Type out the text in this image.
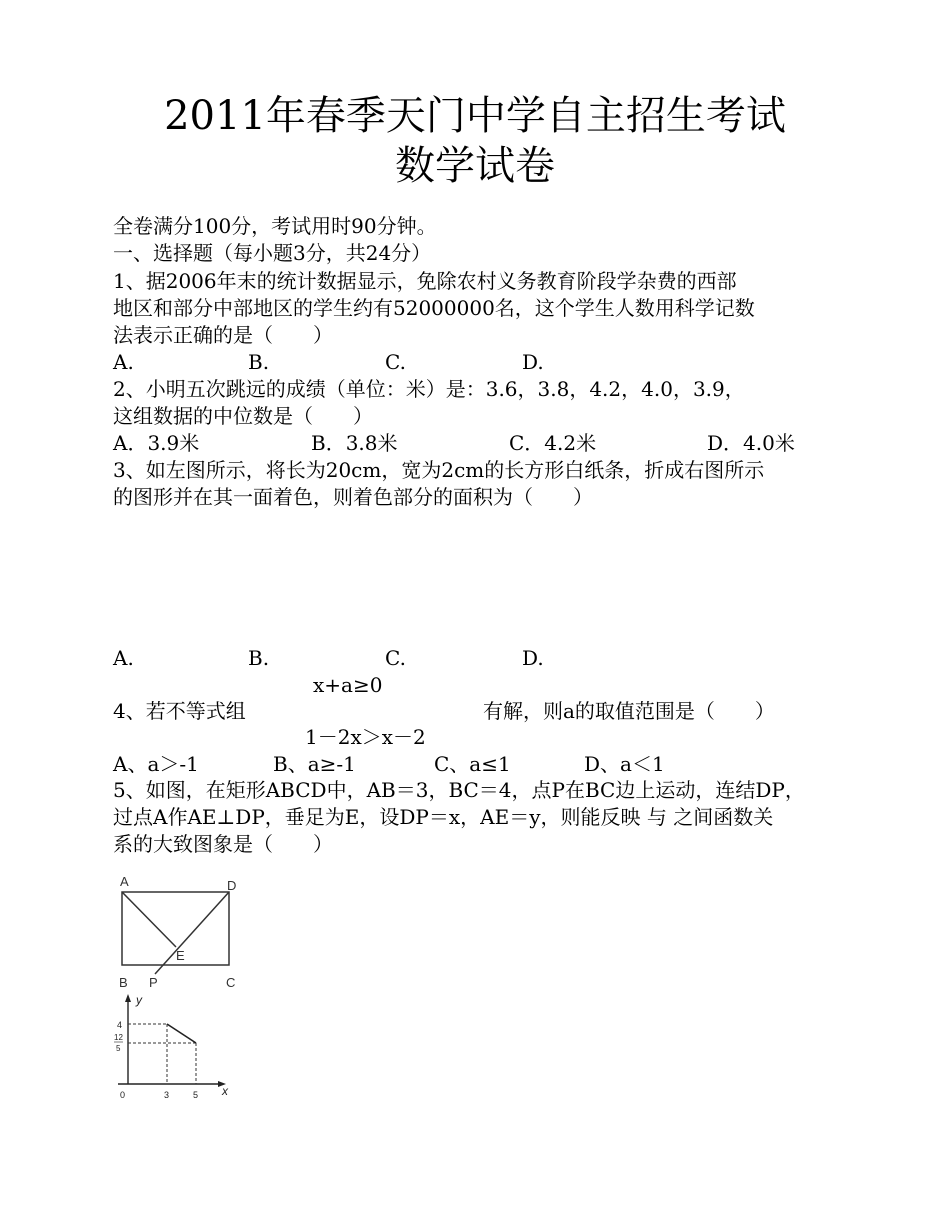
2011年春季天门中学自主招生考试
数学试卷
全卷满分100分，考试用时90分钟。
一、选择题（每小题3分，共24分）
1、据2006年末的统计数据显示，免除农村义务教育阶段学杂费的西部
地区和部分中部地区的学生约有52000000名，这个学生人数用科学记数
法表示正确的是（　　）
A.	B.	C.	D.
2、小明五次跳远的成绩（单位：米）是：3.6，3.8，4.2，4.0，3.9，
这组数据的中位数是（　　）
A．3.9米	B．3.8米	C．4.2米	D．4.0米
3、如左图所示，将长为20cm，宽为2cm的长方形白纸条，折成右图所示
的图形并在其一面着色，则着色部分的面积为（　　）
A.	B.	C.	D.
x+a≥0
4、若不等式组	有解，则a的取值范围是（　　）
1－2x＞x－2
A、a＞-1	B、a≥-1	C、a≤1	D、a＜1
5、如图，在矩形ABCD中，AB＝3，BC＝4，点P在BC边上运动，连结DP，
过点A作AE⊥DP，垂足为E，设DP＝x，AE＝y，则能反映 与 之间函数关
系的大致图象是（　　）
A	D
E
B P	C
y
x
4
12
5
0	3	5
